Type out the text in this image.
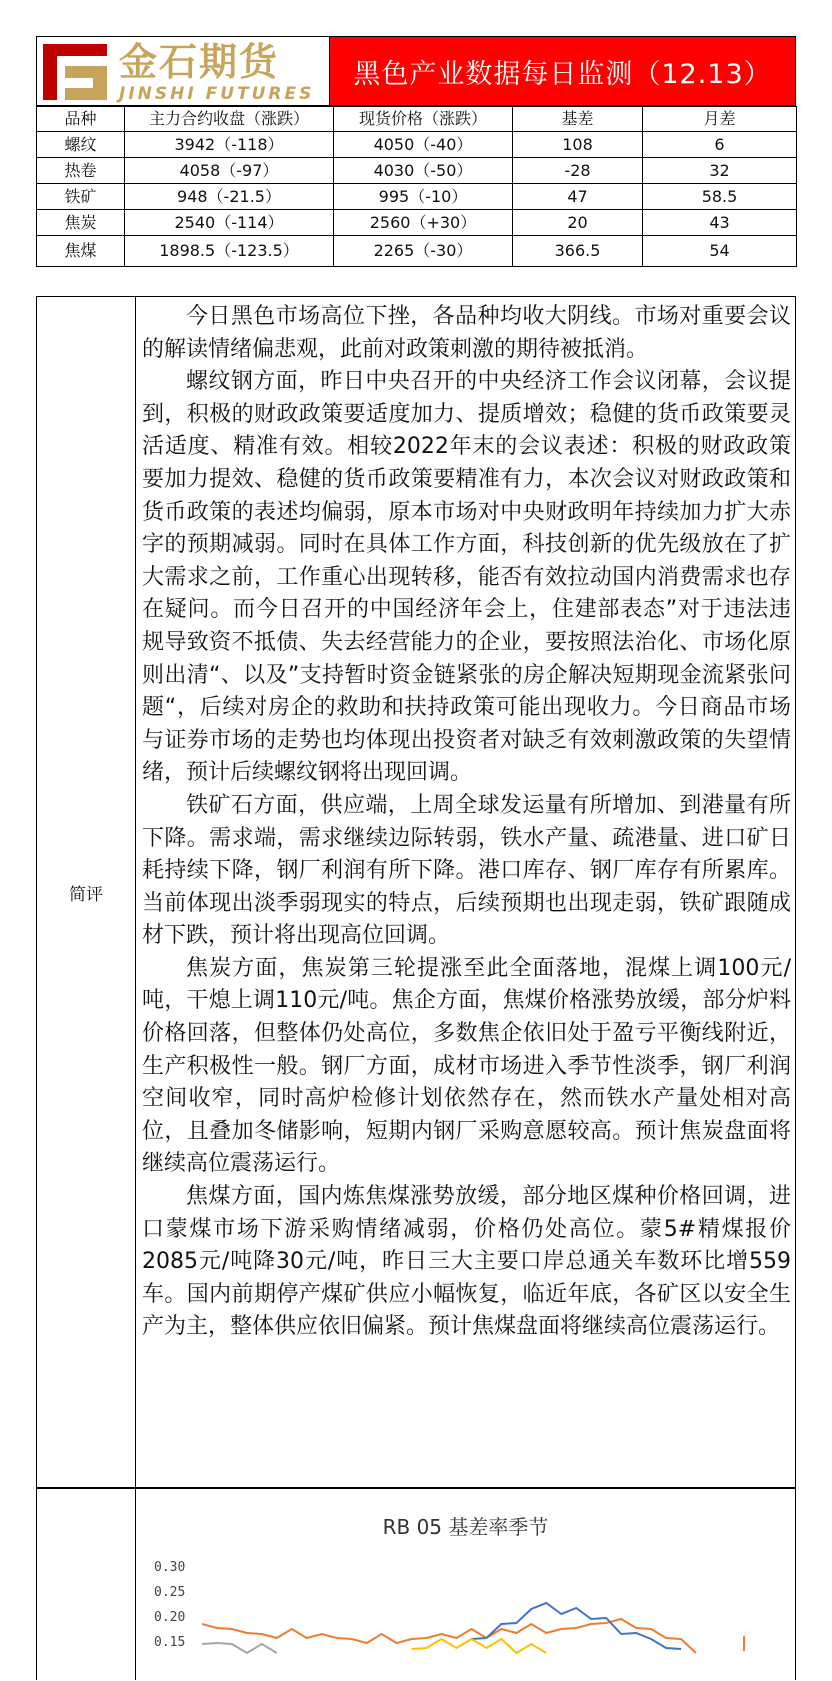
金石期货
JINSHI FUTURES
黑色产业数据每日监测（12.13）
品种	主力合约收盘（涨跌）	现货价格（涨跌）	基差	月差
螺纹	3942（-118）	4050（-40）	108	6
热卷	4058（-97）	4030（-50）	-28	32
铁矿	948（-21.5）	995（-10）	47	58.5
焦炭	2540（-114）	2560（+30）	20	43
焦煤	1898.5（-123.5）	2265（-30）	366.5	54
简评

今日黑色市场高位下挫，各品种均收大阴线。市场对重要会议的解读情绪偏悲观，此前对政策刺激的期待被抵消。

螺纹钢方面，昨日中央召开的中央经济工作会议闭幕，会议提到，积极的财政政策要适度加力、提质增效；稳健的货币政策要灵活适度、精准有效。相较2022年末的会议表述：积极的财政政策要加力提效、稳健的货币政策要精准有力，本次会议对财政政策和货币政策的表述均偏弱，原本市场对中央财政明年持续加力扩大赤字的预期减弱。同时在具体工作方面，科技创新的优先级放在了扩大需求之前，工作重心出现转移，能否有效拉动国内消费需求也存在疑问。而今日召开的中国经济年会上，住建部表态”对于违法违规导致资不抵债、失去经营能力的企业，要按照法治化、市场化原则出清“、以及”支持暂时资金链紧张的房企解决短期现金流紧张问题“，后续对房企的救助和扶持政策可能出现收力。今日商品市场与证券市场的走势也均体现出投资者对缺乏有效刺激政策的失望情绪，预计后续螺纹钢将出现回调。

铁矿石方面，供应端，上周全球发运量有所增加、到港量有所下降。需求端，需求继续边际转弱，铁水产量、疏港量、进口矿日耗持续下降，钢厂利润有所下降。港口库存、钢厂库存有所累库。当前体现出淡季弱现实的特点，后续预期也出现走弱，铁矿跟随成材下跌，预计将出现高位回调。

焦炭方面，焦炭第三轮提涨至此全面落地，混煤上调100元/吨，干熄上调110元/吨。焦企方面，焦煤价格涨势放缓，部分炉料价格回落，但整体仍处高位，多数焦企依旧处于盈亏平衡线附近，生产积极性一般。钢厂方面，成材市场进入季节性淡季，钢厂利润空间收窄，同时高炉检修计划依然存在，然而铁水产量处相对高位，且叠加冬储影响，短期内钢厂采购意愿较高。预计焦炭盘面将继续高位震荡运行。

焦煤方面，国内炼焦煤涨势放缓，部分地区煤种价格回调，进口蒙煤市场下游采购情绪减弱，价格仍处高位。蒙5#精煤报价2085元/吨降30元/吨，昨日三大主要口岸总通关车数环比增559车。国内前期停产煤矿供应小幅恢复，临近年底，各矿区以安全生产为主，整体供应依旧偏紧。预计焦煤盘面将继续高位震荡运行。

RB 05 基差率季节
0.30
0.25
0.20
0.15
